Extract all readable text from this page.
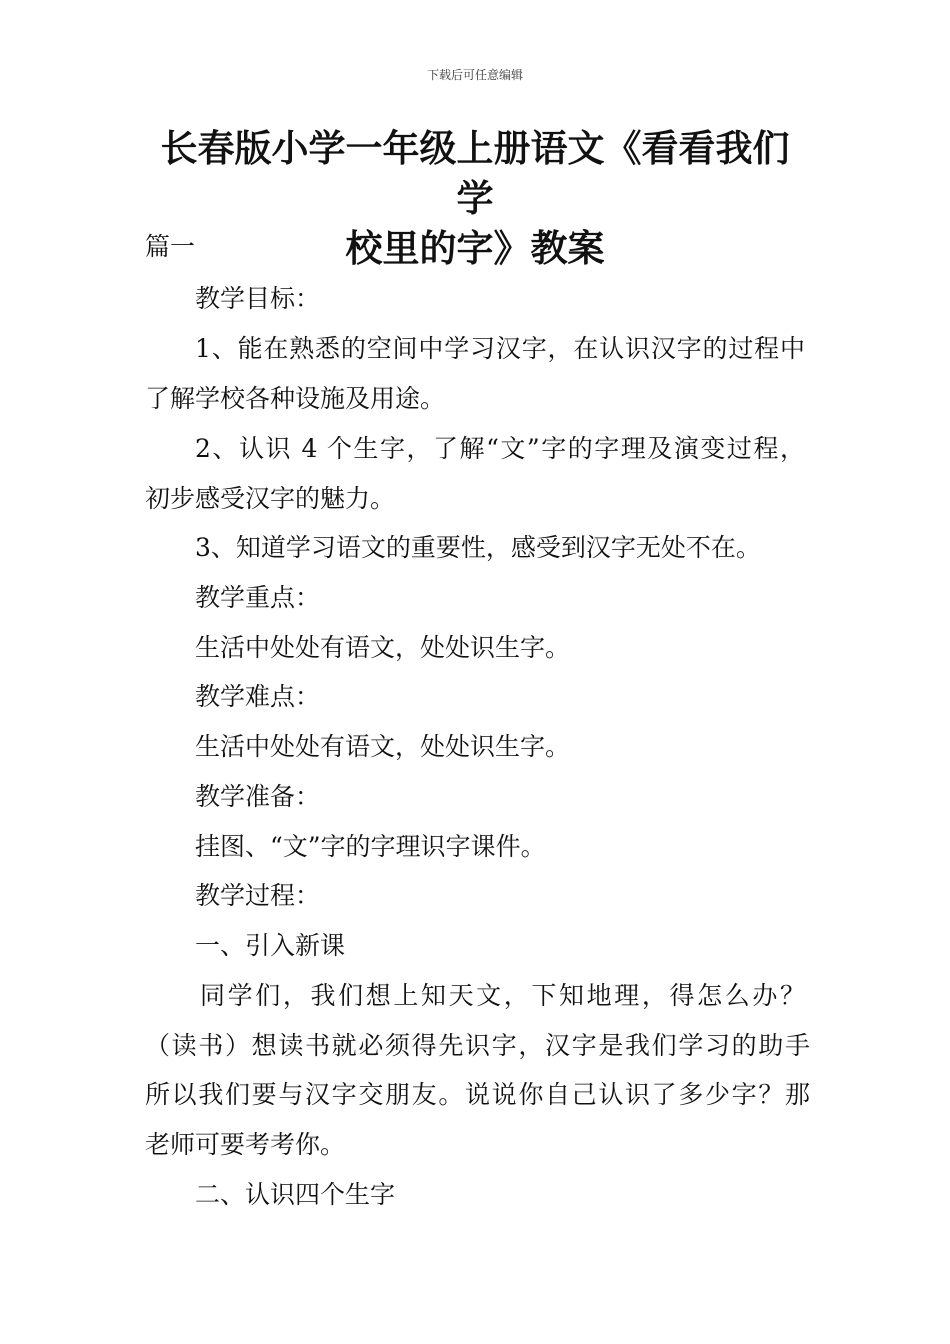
下载后可任意编辑
长春版小学一年级上册语文《看看我们学
校里的字》教案
篇一
教学目标：
1、能在熟悉的空间中学习汉字，在认识汉字的过程中
了解学校各种设施及用途。
2、认识 4 个生字，了解“文”字的字理及演变过程，
初步感受汉字的魅力。
3、知道学习语文的重要性，感受到汉字无处不在。
教学重点：
生活中处处有语文，处处识生字。
教学难点：
生活中处处有语文，处处识生字。
教学准备：
挂图、“文”字的字理识字课件。
教学过程：
一、引入新课
同学们，我们想上知天文，下知地理，得怎么办？
（读书）想读书就必须得先识字，汉字是我们学习的助手
所以我们要与汉字交朋友。说说你自己认识了多少字？那
老师可要考考你。
二、认识四个生字
